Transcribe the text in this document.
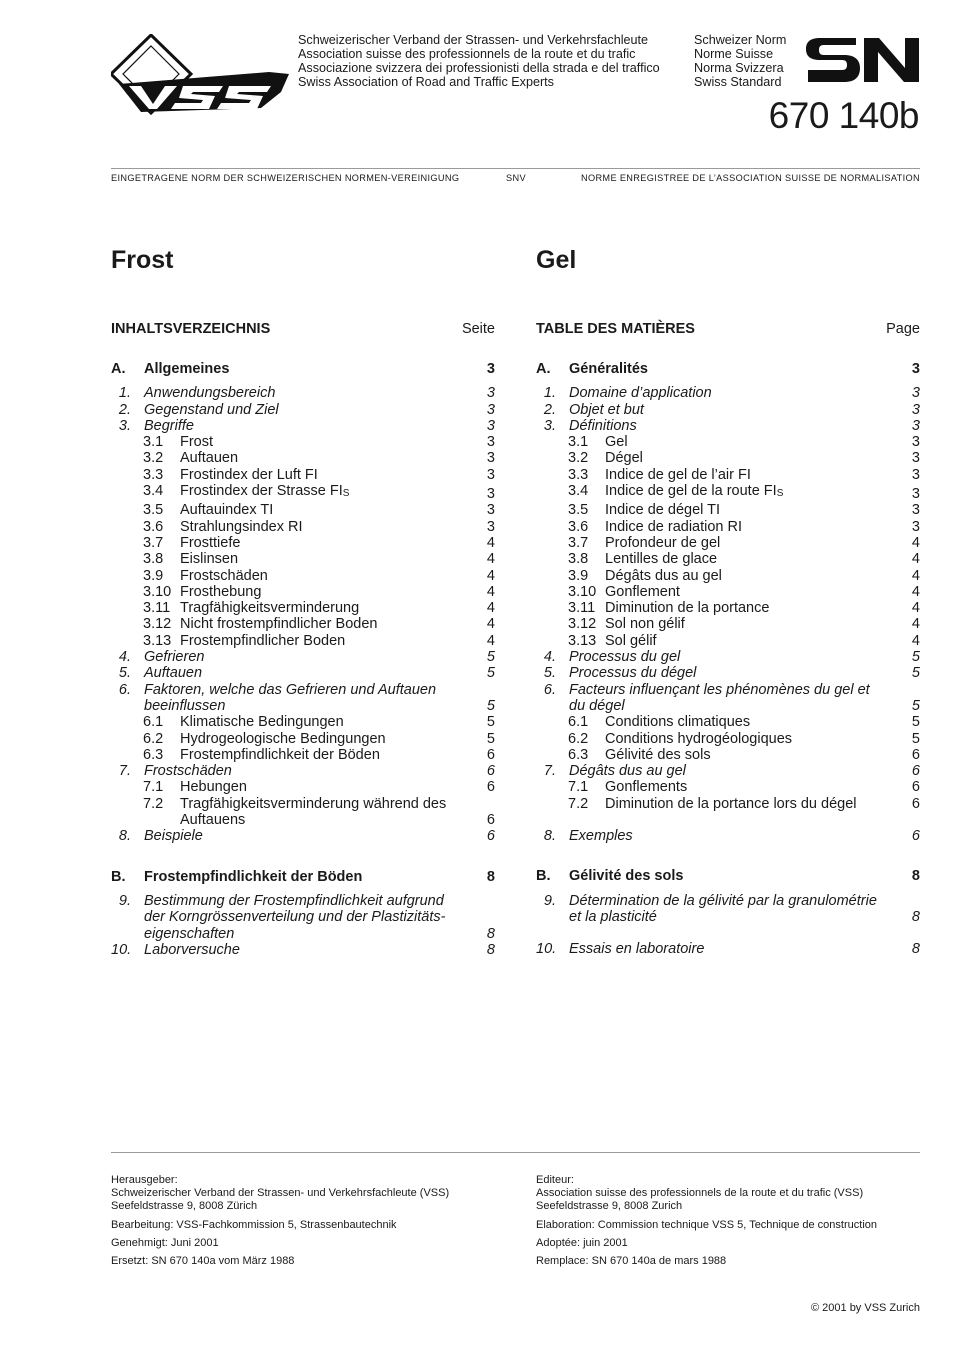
Schweizerischer Verband der Strassen- und Verkehrsfachleute
Association suisse des professionnels de la route et du trafic
Associazione svizzera dei professionisti della strada e del traffico
Swiss Association of Road and Traffic Experts
Schweizer Norm
Norme Suisse
Norma Svizzera
Swiss Standard
670 140b
EINGETRAGENE NORM DER SCHWEIZERISCHEN NORMEN-VEREINIGUNG	SNV	NORME ENREGISTREE DE L’ASSOCIATION SUISSE DE NORMALISATION
Frost	Gel
INHALTSVERZEICHNIS	Seite
A. Allgemeines	3
1. Anwendungsbereich	3
2. Gegenstand und Ziel	3
3. Begriffe	3
3.1 Frost	3
3.2 Auftauen	3
3.3 Frostindex der Luft FI	3
3.4 Frostindex der Strasse $FI_S$	3
3.5 Auftauindex TI	3
3.6 Strahlungsindex RI	3
3.7 Frosttiefe	4
3.8 Eislinsen	4
3.9 Frostschäden	4
3.10 Frosthebung	4
3.11 Tragfähigkeitsverminderung	4
3.12 Nicht frostempfindlicher Boden	4
3.13 Frostempfindlicher Boden	4
4. Gefrieren	5
5. Auftauen	5
6. Faktoren, welche das Gefrieren und Auftauen beeinflussen	5
6.1 Klimatische Bedingungen	5
6.2 Hydrogeologische Bedingungen	5
6.3 Frostempfindlichkeit der Böden	6
7. Frostschäden	6
7.1 Hebungen	6
7.2 Tragfähigkeitsverminderung während des Auftauens	6
8. Beispiele	6
B. Frostempfindlichkeit der Böden	8
9. Bestimmung der Frostempfindlichkeit aufgrund der Korngrössenverteilung und der Plastizitäts-eigenschaften	8
10. Laborversuche	8
TABLE DES MATIÈRES	Page
A. Généralités	3
1. Domaine d’application	3
2. Objet et but	3
3. Définitions	3
3.1 Gel	3
3.2 Dégel	3
3.3 Indice de gel de l’air FI	3
3.4 Indice de gel de la route $FI_S$	3
3.5 Indice de dégel TI	3
3.6 Indice de radiation RI	3
3.7 Profondeur de gel	4
3.8 Lentilles de glace	4
3.9 Dégâts dus au gel	4
3.10 Gonflement	4
3.11 Diminution de la portance	4
3.12 Sol non gélif	4
3.13 Sol gélif	4
4. Processus du gel	5
5. Processus du dégel	5
6. Facteurs influençant les phénomènes du gel et du dégel	5
6.1 Conditions climatiques	5
6.2 Conditions hydrogéologiques	5
6.3 Gélivité des sols	6
7. Dégâts dus au gel	6
7.1 Gonflements	6
7.2 Diminution de la portance lors du dégel	6
8. Exemples	6
B. Gélivité des sols	8
9. Détermination de la gélivité par la granulométrie et la plasticité	8
10. Essais en laboratoire	8
Herausgeber:
Schweizerischer Verband der Strassen- und Verkehrsfachleute (VSS)
Seefeldstrasse 9, 8008 Zürich
Bearbeitung: VSS-Fachkommission 5, Strassenbautechnik
Genehmigt: Juni 2001
Ersetzt: SN 670 140a vom März 1988
Editeur:
Association suisse des professionnels de la route et du trafic (VSS)
Seefeldstrasse 9, 8008 Zurich
Elaboration: Commission technique VSS 5, Technique de construction
Adoptée: juin 2001
Remplace: SN 670 140a de mars 1988
© 2001 by VSS Zurich
